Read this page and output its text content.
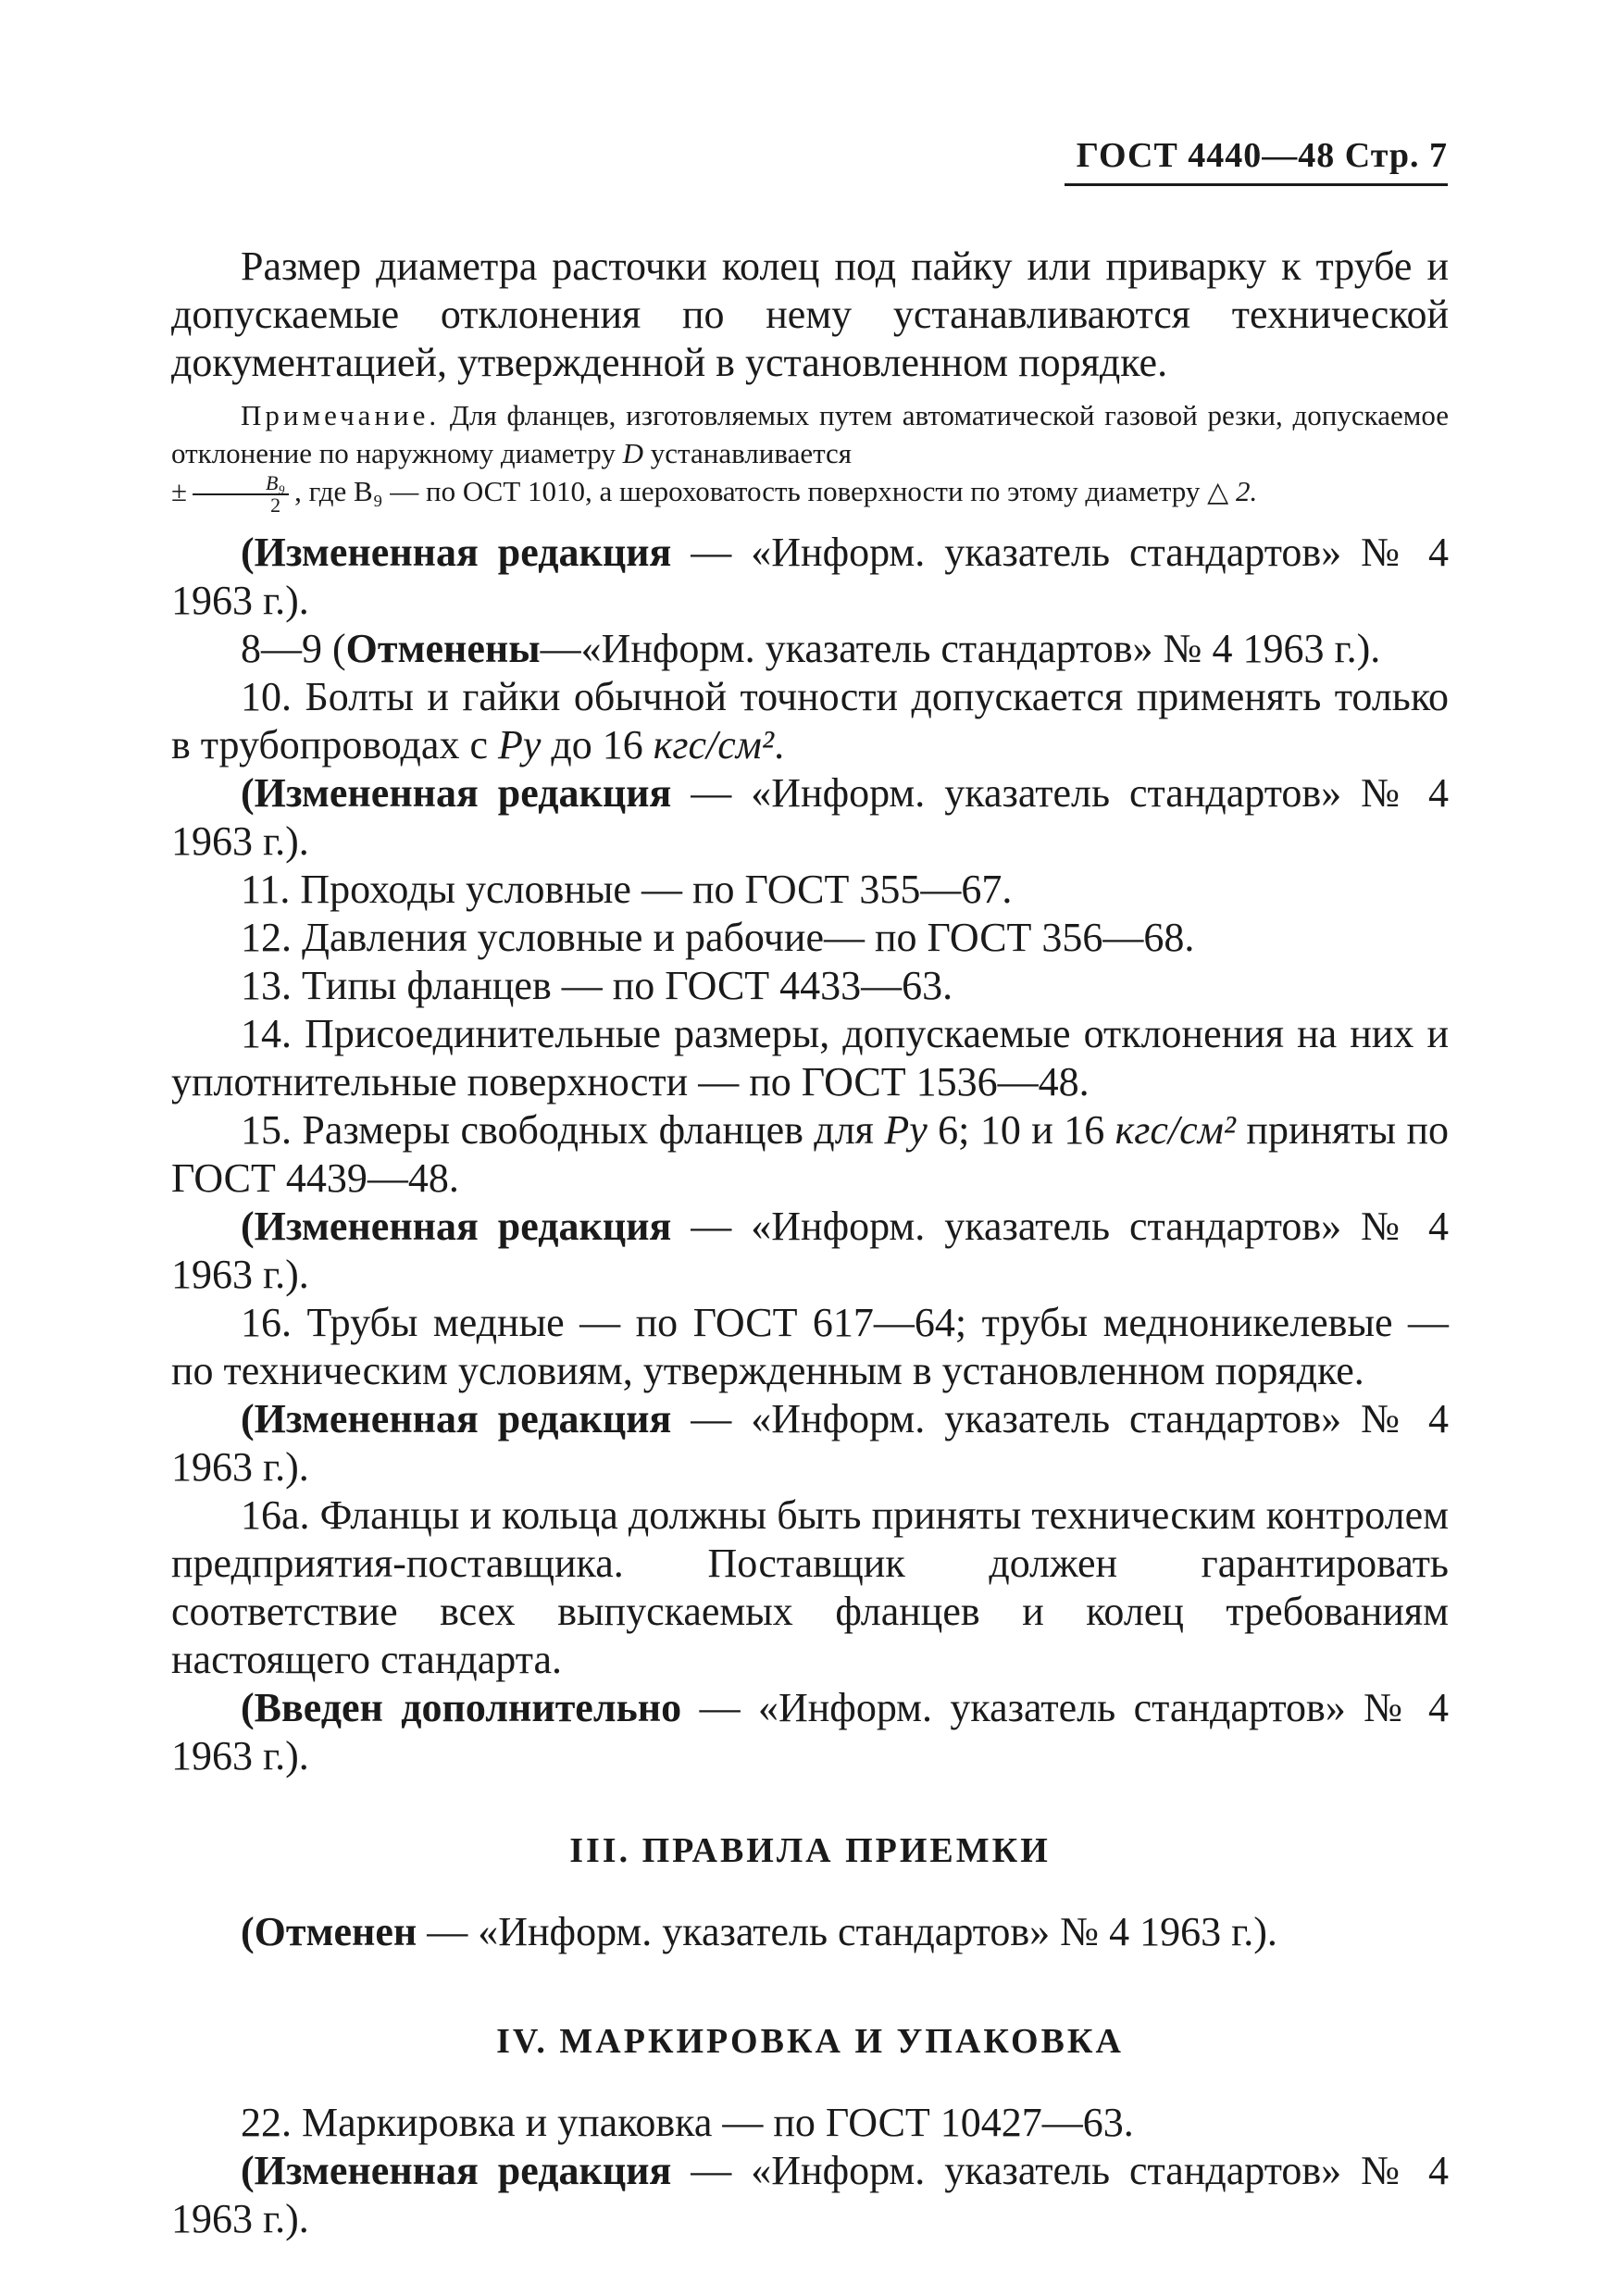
ГОСТ 4440—48 Стр. 7

Размер диаметра расточки колец под пайку или приварку к трубе и допускаемые отклонения по нему устанавливаются технической документацией, утвержденной в установленном порядке.

Примечание. Для фланцев, изготовляемых путем автоматической газовой резки, допускаемое отклонение по наружному диаметру D устанавливается
± $\frac{\text{B₉}}{2}$ , где B₉ — по ОСТ 1010, а шероховатость поверхности по этому диаметру △ 2.

(Измененная редакция — «Информ. указатель стандартов» № 4 1963 г.).

8—9 (Отменены—«Информ. указатель стандартов» № 4 1963 г.).

10. Болты и гайки обычной точности допускается применять только в трубопроводах с Pу до 16 кгс/см².

(Измененная редакция — «Информ. указатель стандартов» № 4 1963 г.).

11. Проходы условные — по ГОСТ 355—67.

12. Давления условные и рабочие— по ГОСТ 356—68.

13. Типы фланцев — по ГОСТ 4433—63.

14. Присоединительные размеры, допускаемые отклонения на них и уплотнительные поверхности — по ГОСТ 1536—48.

15. Размеры свободных фланцев для Pу 6; 10 и 16 кгс/см² приняты по ГОСТ 4439—48.

(Измененная редакция — «Информ. указатель стандартов» № 4 1963 г.).

16. Трубы медные — по ГОСТ 617—64; трубы медноникелевые — по техническим условиям, утвержденным в установленном порядке.

(Измененная редакция — «Информ. указатель стандартов» № 4 1963 г.).

16а. Фланцы и кольца должны быть приняты техническим контролем предприятия-поставщика. Поставщик должен гарантировать соответствие всех выпускаемых фланцев и колец требованиям настоящего стандарта.

(Введен дополнительно — «Информ. указатель стандартов» № 4 1963 г.).

III. ПРАВИЛА ПРИЕМКИ

(Отменен — «Информ. указатель стандартов» № 4 1963 г.).

IV. МАРКИРОВКА И УПАКОВКА

22. Маркировка и упаковка — по ГОСТ 10427—63.

(Измененная редакция — «Информ. указатель стандартов» № 4 1963 г.).
